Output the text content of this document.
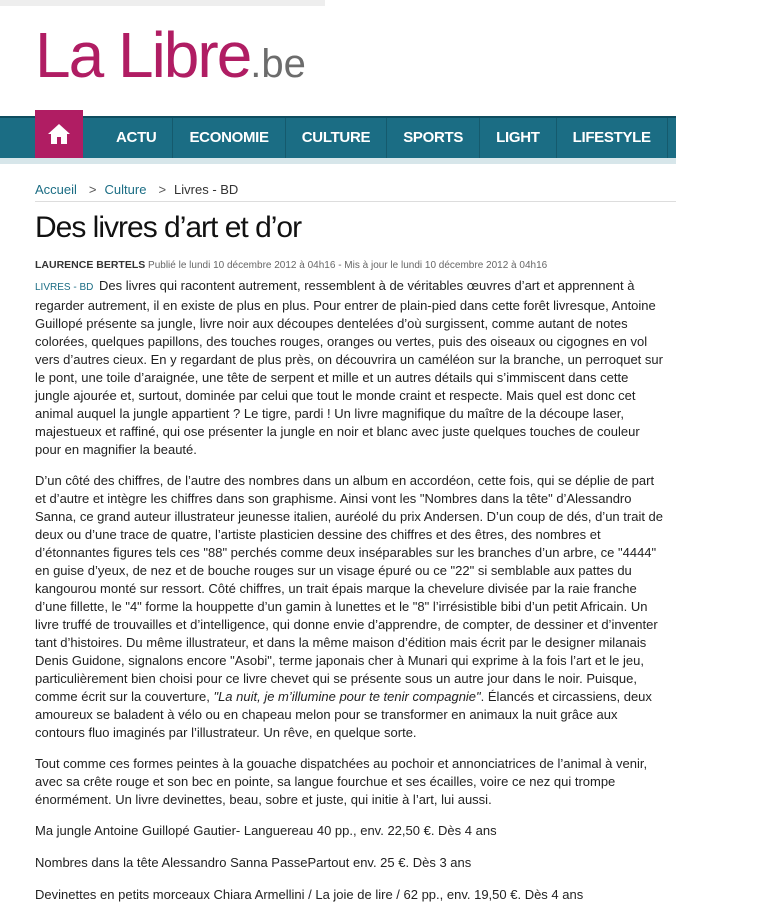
La Libre.be
ACTU	ECONOMIE	CULTURE	SPORTS	LIGHT	LIFESTYLE	DÉBATS
Accueil > Culture > Livres - BD
Des livres d’art et d’or
LAURENCE BERTELS Publié le lundi 10 décembre 2012 à 04h16 - Mis à jour le lundi 10 décembre 2012 à 04h16

LIVRES - BD Des livres qui racontent autrement, ressemblent à de véritables œuvres d’art et apprennent à regarder autrement, il en existe de plus en plus. Pour entrer de plain-pied dans cette forêt livresque, Antoine Guillopé présente sa jungle, livre noir aux découpes dentelées d’où surgissent, comme autant de notes colorées, quelques papillons, des touches rouges, oranges ou vertes, puis des oiseaux ou cigognes en vol vers d’autres cieux. En y regardant de plus près, on découvrira un caméléon sur la branche, un perroquet sur le pont, une toile d’araignée, une tête de serpent et mille et un autres détails qui s’immiscent dans cette jungle ajourée et, surtout, dominée par celui que tout le monde craint et respecte. Mais quel est donc cet animal auquel la jungle appartient ? Le tigre, pardi ! Un livre magnifique du maître de la découpe laser, majestueux et raffiné, qui ose présenter la jungle en noir et blanc avec juste quelques touches de couleur pour en magnifier la beauté.

D’un côté des chiffres, de l’autre des nombres dans un album en accordéon, cette fois, qui se déplie de part et d’autre et intègre les chiffres dans son graphisme. Ainsi vont les "Nombres dans la tête" d’Alessandro Sanna, ce grand auteur illustrateur jeunesse italien, auréolé du prix Andersen. D’un coup de dés, d’un trait de deux ou d’une trace de quatre, l’artiste plasticien dessine des chiffres et des êtres, des nombres et d’étonnantes figures tels ces "88" perchés comme deux inséparables sur les branches d’un arbre, ce "4444" en guise d’yeux, de nez et de bouche rouges sur un visage épuré ou ce "22" si semblable aux pattes du kangourou monté sur ressort. Côté chiffres, un trait épais marque la chevelure divisée par la raie franche d’une fillette, le "4" forme la houppette d’un gamin à lunettes et le "8" l’irrésistible bibi d’un petit Africain. Un livre truffé de trouvailles et d’intelligence, qui donne envie d’apprendre, de compter, de dessiner et d’inventer tant d’histoires. Du même illustrateur, et dans la même maison d’édition mais écrit par le designer milanais Denis Guidone, signalons encore "Asobi", terme japonais cher à Munari qui exprime à la fois l’art et le jeu, particulièrement bien choisi pour ce livre chevet qui se présente sous un autre jour dans le noir. Puisque, comme écrit sur la couverture, "La nuit, je m’illumine pour te tenir compagnie". Élancés et circassiens, deux amoureux se baladent à vélo ou en chapeau melon pour se transformer en animaux la nuit grâce aux contours fluo imaginés par l’illustrateur. Un rêve, en quelque sorte.

Tout comme ces formes peintes à la gouache dispatchées au pochoir et annonciatrices de l’animal à venir, avec sa crête rouge et son bec en pointe, sa langue fourchue et ses écailles, voire ce nez qui trompe énormément. Un livre devinettes, beau, sobre et juste, qui initie à l’art, lui aussi.

Ma jungle Antoine Guillopé Gautier- Languereau 40 pp., env. 22,50 €. Dès 4 ans

Nombres dans la tête Alessandro Sanna PassePartout env. 25 €. Dès 3 ans

Devinettes en petits morceaux Chiara Armellini / La joie de lire / 62 pp., env. 19,50 €. Dès 4 ans
